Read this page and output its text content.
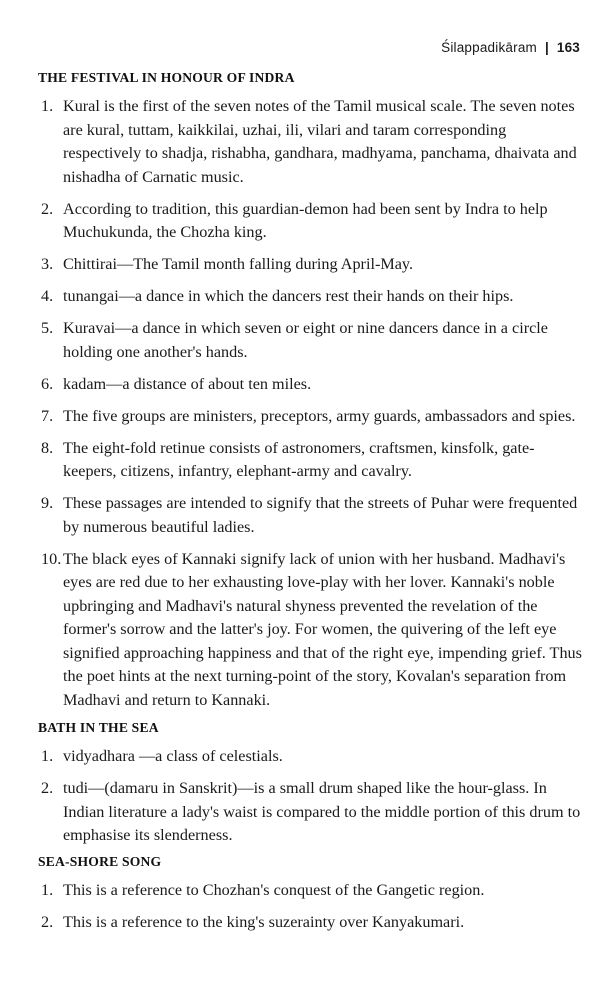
Śilappadikāram | 163
THE FESTIVAL IN HONOUR OF INDRA
1. Kural is the first of the seven notes of the Tamil musical scale. The seven notes are kural, tuttam, kaikkilai, uzhai, ili, vilari and taram corresponding respectively to shadja, rishabha, gandhara, madhyama, panchama, dhaivata and nishadha of Carnatic music.
2. According to tradition, this guardian-demon had been sent by Indra to help Muchukunda, the Chozha king.
3. Chittirai—The Tamil month falling during April-May.
4. tunangai—a dance in which the dancers rest their hands on their hips.
5. Kuravai—a dance in which seven or eight or nine dancers dance in a circle holding one another's hands.
6. kadam—a distance of about ten miles.
7. The five groups are ministers, preceptors, army guards, ambassadors and spies.
8. The eight-fold retinue consists of astronomers, craftsmen, kinsfolk, gate-keepers, citizens, infantry, elephant-army and cavalry.
9. These passages are intended to signify that the streets of Puhar were frequented by numerous beautiful ladies.
10. The black eyes of Kannaki signify lack of union with her husband. Madhavi's eyes are red due to her exhausting love-play with her lover. Kannaki's noble upbringing and Madhavi's natural shyness prevented the revelation of the former's sorrow and the latter's joy. For women, the quivering of the left eye signified approaching happiness and that of the right eye, impending grief. Thus the poet hints at the next turning-point of the story, Kovalan's separation from Madhavi and return to Kannaki.
BATH IN THE SEA
1. vidyadhara —a class of celestials.
2. tudi—(damaru in Sanskrit)—is a small drum shaped like the hour-glass. In Indian literature a lady's waist is compared to the middle portion of this drum to emphasise its slenderness.
SEA-SHORE SONG
1. This is a reference to Chozhan's conquest of the Gangetic region.
2. This is a reference to the king's suzerainty over Kanyakumari.
